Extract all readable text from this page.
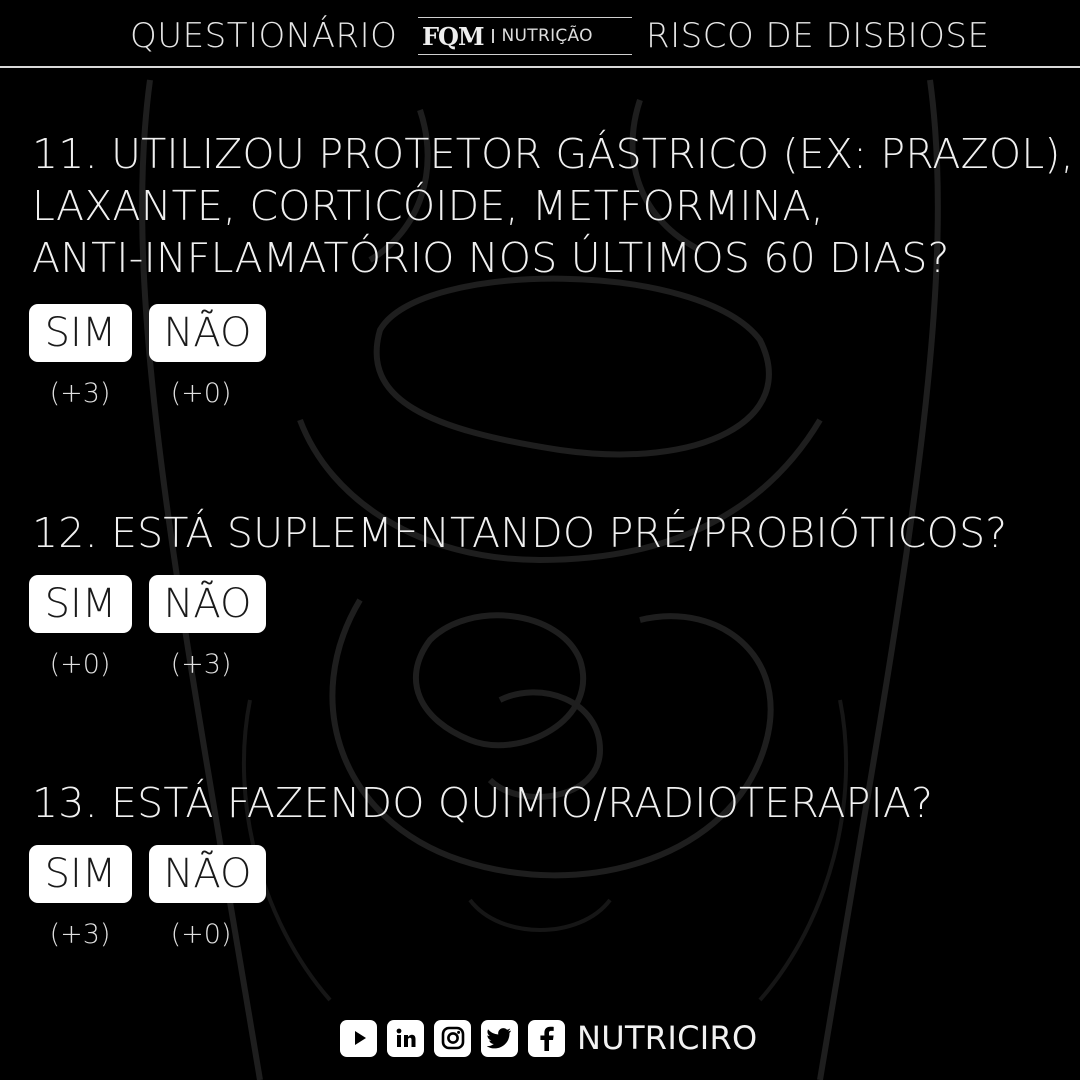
QUESTIONÁRIO FQM NUTRIÇÃO RISCO DE DISBIOSE
11. UTILIZOU PROTETOR GÁSTRICO (EX: PRAZOL),
LAXANTE, CORTICÓIDE, METFORMINA,
ANTI-INFLAMATÓRIO NOS ÚLTIMOS 60 DIAS?
SIM	NÃO
(+3)	(+0)
12. ESTÁ SUPLEMENTANDO PRÉ/PROBIÓTICOS?
SIM	NÃO
(+0)	(+3)
13. ESTÁ FAZENDO QUIMIO/RADIOTERAPIA?
SIM	NÃO
(+3)	(+0)
NUTRICIRO
